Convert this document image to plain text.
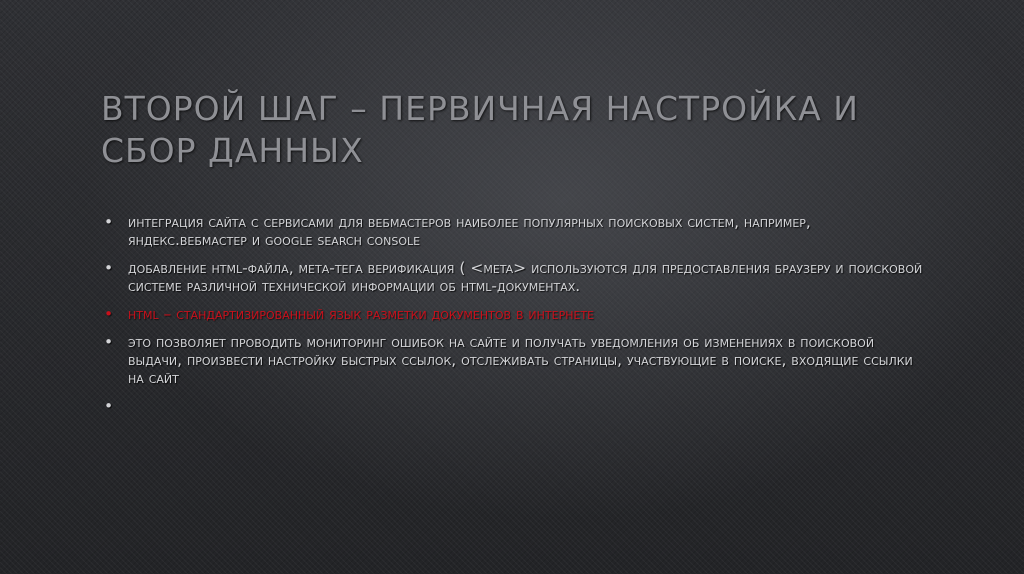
ВТОРОЙ ШАГ – ПЕРВИЧНАЯ НАСТРОЙКА И СБОР ДАННЫХ
• интеграция сайта с сервисами для вебмастеров наиболее популярных поисковых систем, например, яндекс.вебмастер и google search console
• добавление html-файла, мета-тега верификация ( <meta> используются для предоставления браузеру и поисковой системе различной технической информации об html-документах.
• html – стандартизированный язык разметки документов в интернете
• это позволяет проводить мониторинг ошибок на сайте и получать уведомления об изменениях в поисковой выдачи, произвести настройку быстрых ссылок, отслеживать страницы, участвующие в поиске, входящие ссылки на сайт
•
